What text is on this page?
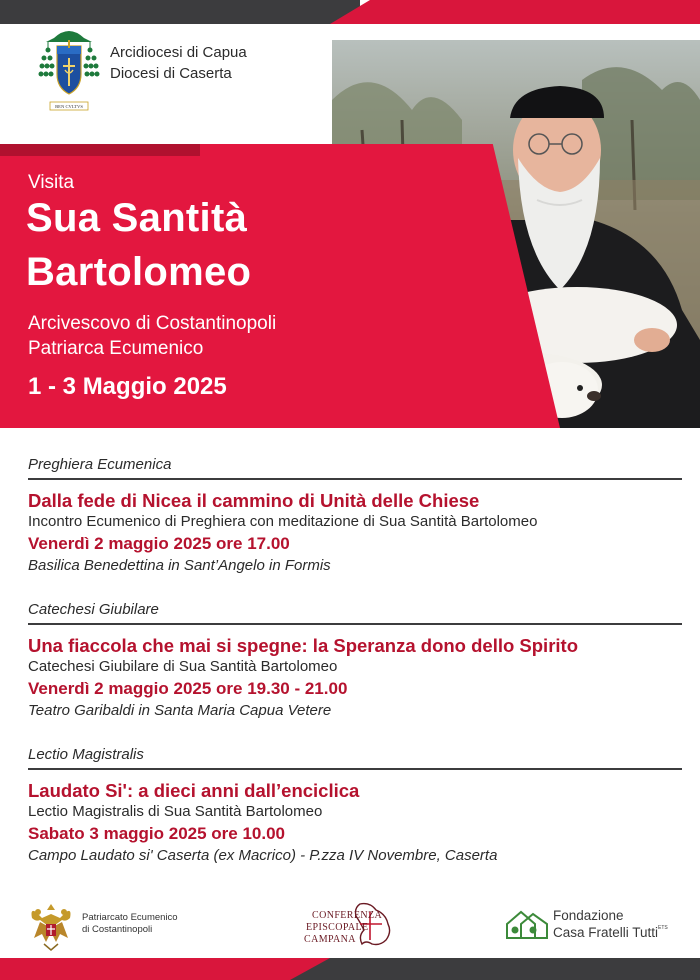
BEN CVLTVS
Arcidiocesi di Capua
Diocesi di Caserta
Visita
Sua Santità
Bartolomeo
Arcivescovo di Costantinopoli
Patriarca Ecumenico
1 - 3 Maggio 2025
Preghiera Ecumenica
Dalla fede di Nicea il cammino di Unità delle Chiese
Incontro Ecumenico di Preghiera con meditazione di Sua Santità Bartolomeo
Venerdì 2 maggio 2025 ore 17.00
Basilica Benedettina in Sant’Angelo in Formis
Catechesi Giubilare
Una fiaccola che mai si spegne: la Speranza dono dello Spirito
Catechesi Giubilare di Sua Santità Bartolomeo
Venerdì 2 maggio 2025 ore 19.30 - 21.00
Teatro Garibaldi in Santa Maria Capua Vetere
Lectio Magistralis
Laudato Si': a dieci anni dall’enciclica
Lectio Magistralis di Sua Santità Bartolomeo
Sabato 3 maggio 2025 ore 10.00
Campo Laudato si' Caserta (ex Macrico) - P.zza IV Novembre, Caserta
Patriarcato Ecumenico
di Costantinopoli
CONFERENZA
EPISCOPALE
CAMPANA
Fondazione
Casa Fratelli Tutti ETS
